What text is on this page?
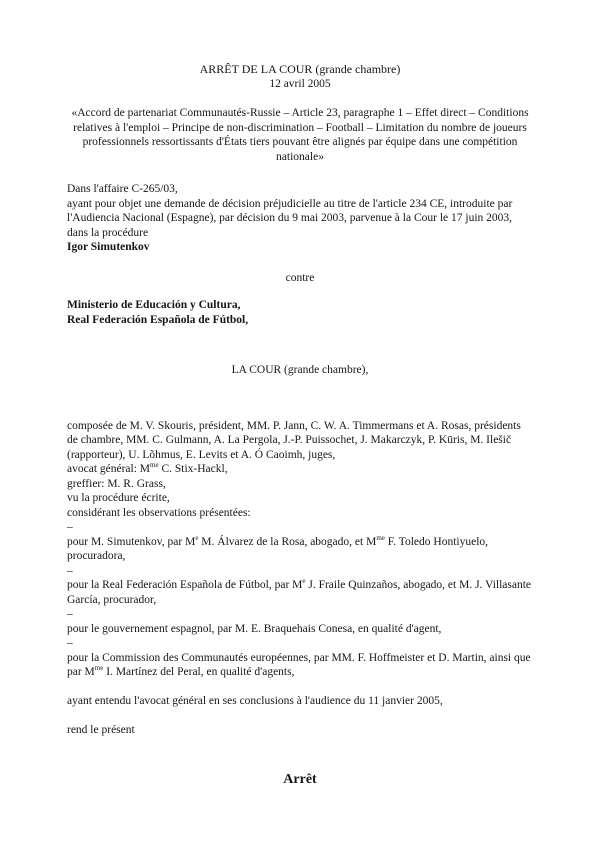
ARRÊT DE LA COUR (grande chambre)

12 avril 2005

«Accord de partenariat Communautés-Russie – Article 23, paragraphe 1 – Effet direct – Conditions relatives à l'emploi – Principe de non-discrimination – Football – Limitation du nombre de joueurs professionnels ressortissants d'États tiers pouvant être alignés par équipe dans une compétition nationale»

Dans l'affaire C-265/03,

ayant pour objet une demande de décision préjudicielle au titre de l'article 234 CE, introduite par l'Audiencia Nacional (Espagne), par décision du 9 mai 2003, parvenue à la Cour le 17 juin 2003, dans la procédure

Igor Simutenkov

contre

Ministerio de Educación y Cultura,

Real Federación Española de Fútbol,

LA COUR (grande chambre),

composée de M. V. Skouris, président, MM. P. Jann, C. W. A. Timmermans et A. Rosas, présidents de chambre, MM. C. Gulmann, A. La Pergola, J.-P. Puissochet, J. Makarczyk, P. Kūris, M. Ilešič (rapporteur), U. Lõhmus, E. Levits et A. Ó Caoimh, juges,

avocat général: $M^{me}$ C. Stix-Hackl,

greffier: M. R. Grass,

vu la procédure écrite,

considérant les observations présentées:

–

pour M. Simutenkov, par Me M. Álvarez de la Rosa, abogado, et $M^{me}$ F. Toledo Hontiyuelo, procuradora,

–

pour la Real Federación Española de Fútbol, par Me J. Fraile Quinzaños, abogado, et M. J. Villasante García, procurador,

–

pour le gouvernement espagnol, par M. E. Braquehais Conesa, en qualité d'agent,

–

pour la Commission des Communautés européennes, par MM. F. Hoffmeister et D. Martin, ainsi que par $M^{me}$ I. Martínez del Peral, en qualité d'agents,

ayant entendu l'avocat général en ses conclusions à l'audience du 11 janvier 2005,

rend le présent

Arrêt
